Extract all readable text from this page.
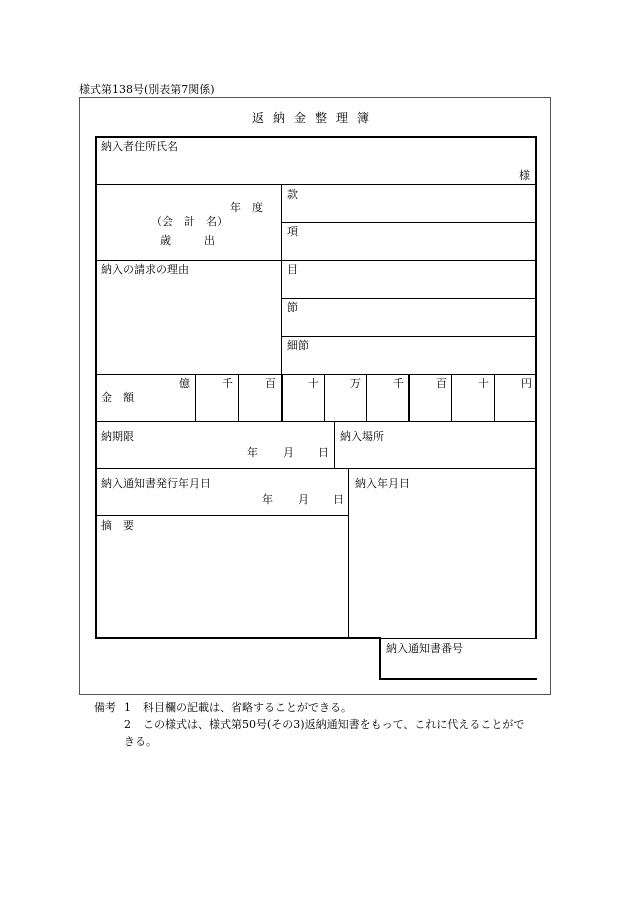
様式第138号(別表第7関係)
返納金整理簿
納入者住所氏名
様
年　度
（会　計　名）
歳　　　出
納入の請求の理由
款
項
目
節
細節
金　額
億	千	百	十	万	千	百	十	円
納期限
年 月 日
納入場所
納入通知書発行年月日
年 月 日
納入年月日
摘　要
納入通知書番号
備考 1 科目欄の記載は、省略することができる。
2 この様式は、様式第50号(その3)返納通知書をもって、これに代えることがで
きる。
